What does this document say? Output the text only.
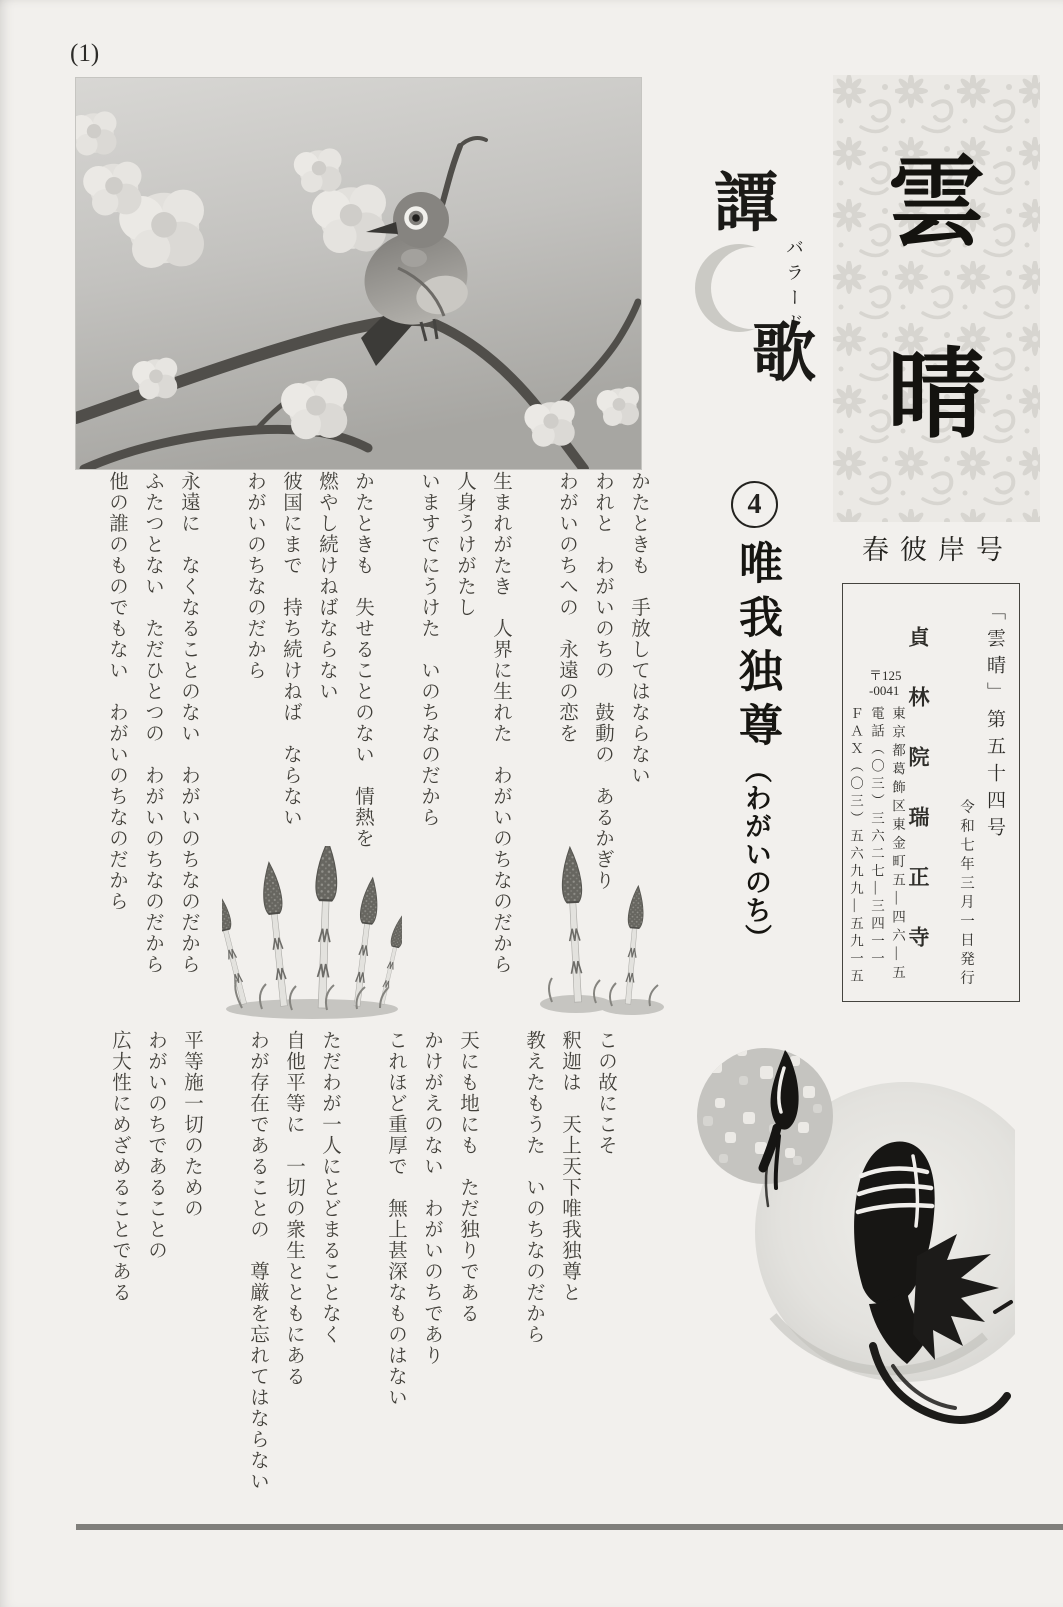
(1)
雲
晴
譚
バラード
歌
春彼岸号
「雲晴」第五十四号
令和七年三月一日発行
貞林院瑞正寺
〒125
-0041
東京都葛飾区東金町五―四六―五
電話（〇三）三六二七―三四一一
ＦＡＸ（〇三）五六九九―五九一五
4
唯我独尊（わがいのち）

かたときも　手放してはならない

われと　わがいのちの　鼓動の　あるかぎり

わがいのちへの　永遠の恋を

生まれがたき　人界に生れた　わがいのちなのだから

人身うけがたし

いますでにうけた　いのちなのだから

かたときも　失せることのない　情熱を

燃やし続けねばならない

彼国にまで　持ち続けねば　ならない

わがいのちなのだから

永遠に　なくなることのない　わがいのちなのだから

ふたつとない　ただひとつの　わがいのちなのだから

他の誰のものでもない　わがいのちなのだから

この故にこそ

釈迦は　天上天下唯我独尊と

教えたもうた　いのちなのだから

天にも地にも　ただ独りである

かけがえのない　わがいのちであり

これほど重厚で　無上甚深なものはない

ただわが一人にとどまることなく

自他平等に　一切の衆生とともにある

わが存在であることの　尊厳を忘れてはならない

平等施一切のための

わがいのちであることの

広大性にめざめることである
